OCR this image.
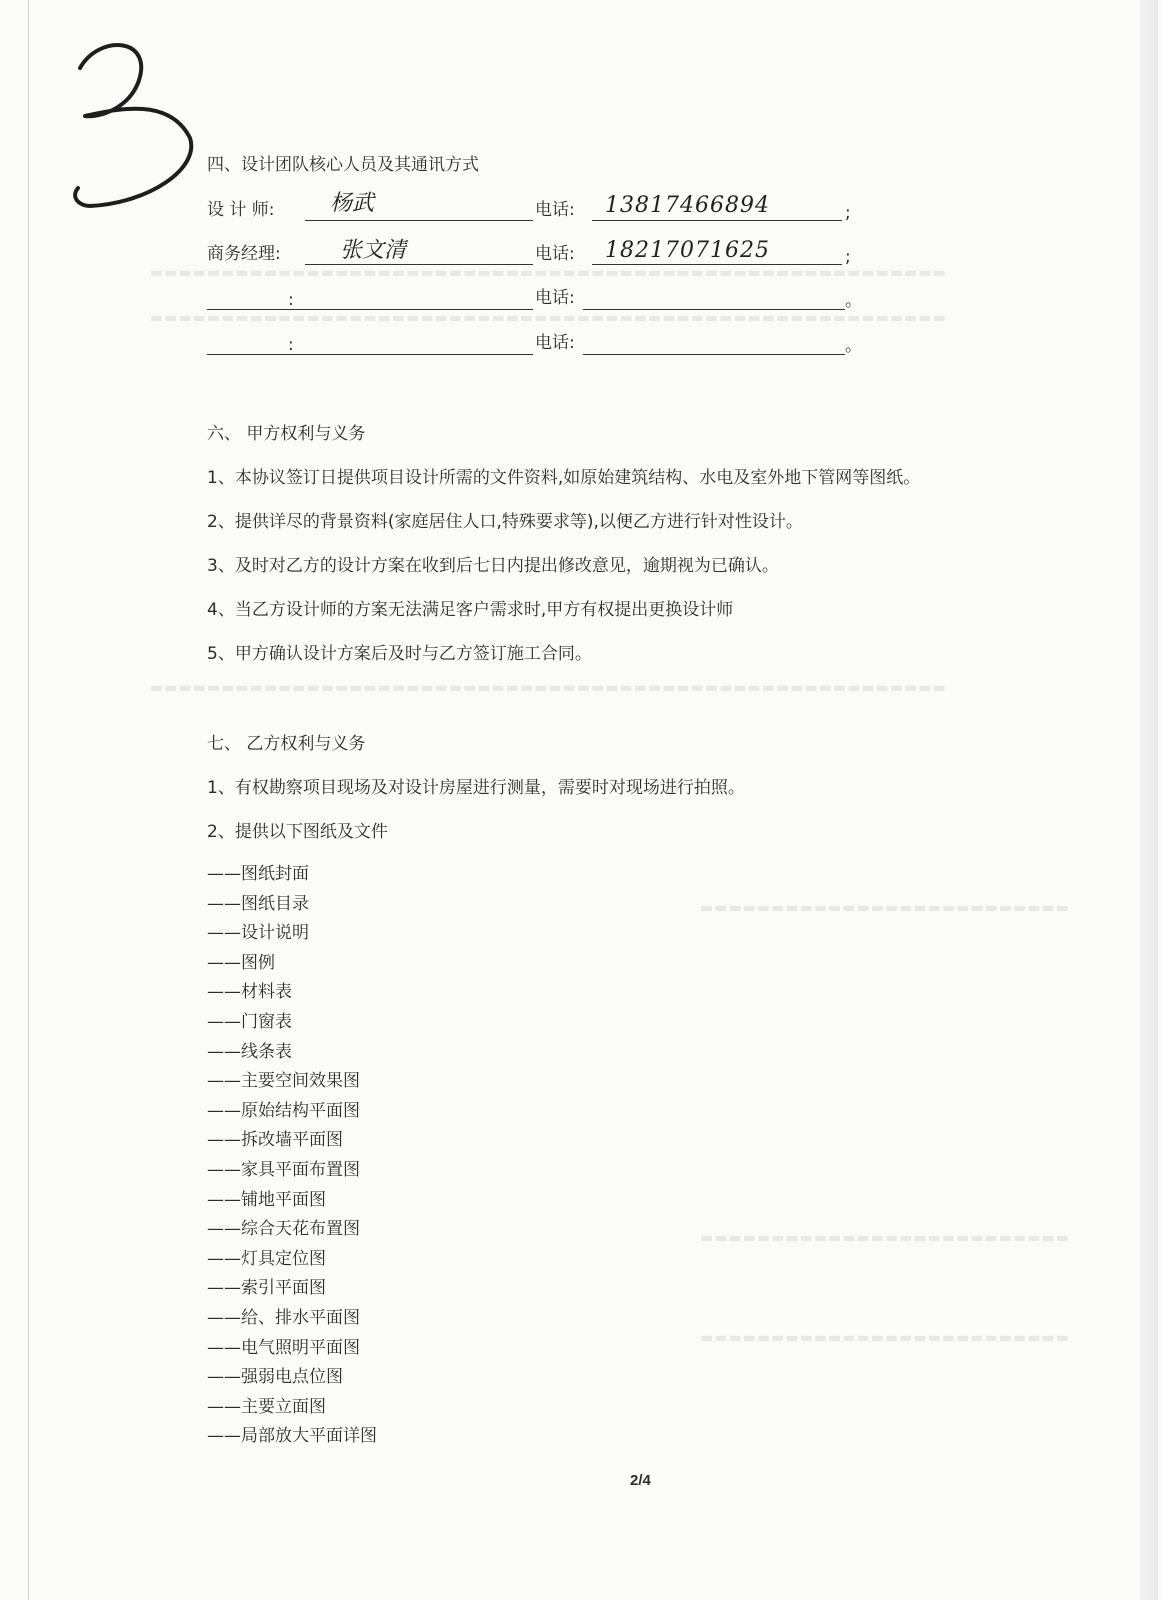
▬▬▬▬▬▬▬▬▬▬▬▬▬▬▬▬▬▬▬▬▬▬▬▬▬▬▬▬▬▬▬▬▬▬▬▬▬▬▬▬▬▬▬▬▬▬▬▬▬▬▬▬▬▬▬▬
▬▬▬▬▬▬▬▬▬▬▬▬▬▬▬▬▬▬▬▬▬▬▬▬▬▬▬▬▬▬▬▬▬▬▬▬▬▬▬▬▬▬▬▬▬▬▬▬▬▬▬▬▬▬▬▬
▬▬▬▬▬▬▬▬▬▬▬▬▬▬▬▬▬▬▬▬▬▬▬▬▬▬▬▬▬▬▬▬▬▬▬▬▬▬▬▬▬▬▬▬▬▬▬▬▬▬▬▬▬▬▬▬
▬▬▬▬▬▬▬▬▬▬▬▬▬▬▬▬▬▬▬▬▬▬▬▬▬▬
▬▬▬▬▬▬▬▬▬▬▬▬▬▬▬▬▬▬▬▬▬▬▬▬▬▬
▬▬▬▬▬▬▬▬▬▬▬▬▬▬▬▬▬▬▬▬▬▬▬▬▬▬
四、设计团队核心人员及其通讯方式
设 计 师:	杨武	电话: 13817466894	;
商务经理:	张文清	电话: 18217071625	;
:	电话:	。
:	电话:	。
六、 甲方权利与义务
1、本协议签订日提供项目设计所需的文件资料,如原始建筑结构、水电及室外地下管网等图纸。
2、提供详尽的背景资料(家庭居住人口,特殊要求等),以便乙方进行针对性设计。
3、及时对乙方的设计方案在收到后七日内提出修改意见，逾期视为已确认。
4、当乙方设计师的方案无法满足客户需求时,甲方有权提出更换设计师
5、甲方确认设计方案后及时与乙方签订施工合同。
七、 乙方权利与义务
1、有权勘察项目现场及对设计房屋进行测量，需要时对现场进行拍照。
2、提供以下图纸及文件
——图纸封面
——图纸目录
——设计说明
——图例
——材料表
——门窗表
——线条表
——主要空间效果图
——原始结构平面图
——拆改墙平面图
——家具平面布置图
——铺地平面图
——综合天花布置图
——灯具定位图
——索引平面图
——给、排水平面图
——电气照明平面图
——强弱电点位图
——主要立面图
——局部放大平面详图
2/4
